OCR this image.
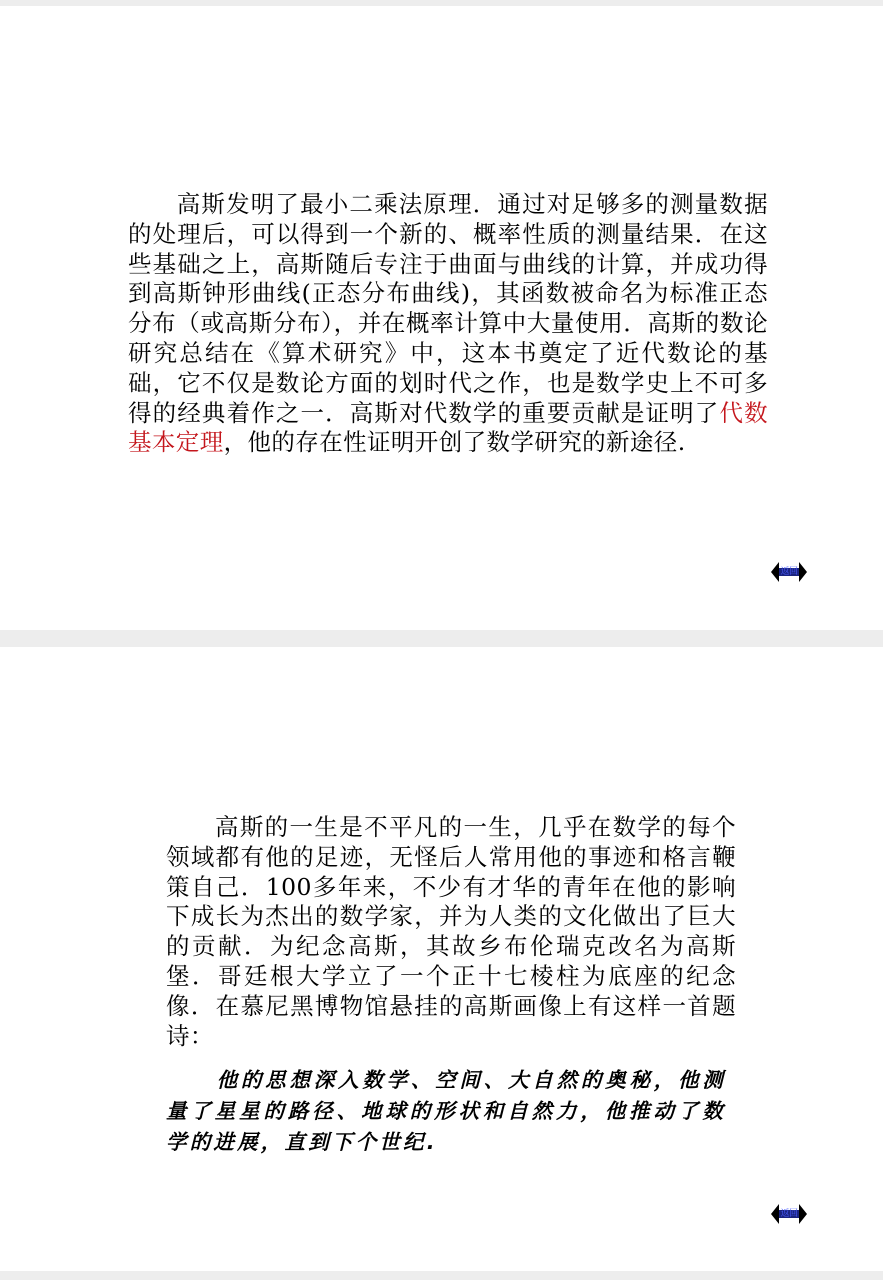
高斯发明了最小二乘法原理．通过对足够多的测量数据的处理后，可以得到一个新的、概率性质的测量结果．在这些基础之上，高斯随后专注于曲面与曲线的计算，并成功得到高斯钟形曲线(正态分布曲线)，其函数被命名为标准正态分布（或高斯分布），并在概率计算中大量使用．高斯的数论研究总结在《算术研究》中，这本书奠定了近代数论的基础，它不仅是数论方面的划时代之作，也是数学史上不可多得的经典着作之一．高斯对代数学的重要贡献是证明了代数基本定理，他的存在性证明开创了数学研究的新途径.
返回
高斯的一生是不平凡的一生，几乎在数学的每个领域都有他的足迹，无怪后人常用他的事迹和格言鞭策自己．100多年来，不少有才华的青年在他的影响下成长为杰出的数学家，并为人类的文化做出了巨大的贡献．为纪念高斯，其故乡布伦瑞克改名为高斯堡．哥廷根大学立了一个正十七棱柱为底座的纪念像．在慕尼黑博物馆悬挂的高斯画像上有这样一首题诗：
他的思想深入数学、空间、大自然的奥秘，他测量了星星的路径、地球的形状和自然力，他推动了数学的进展，直到下个世纪.
返回
